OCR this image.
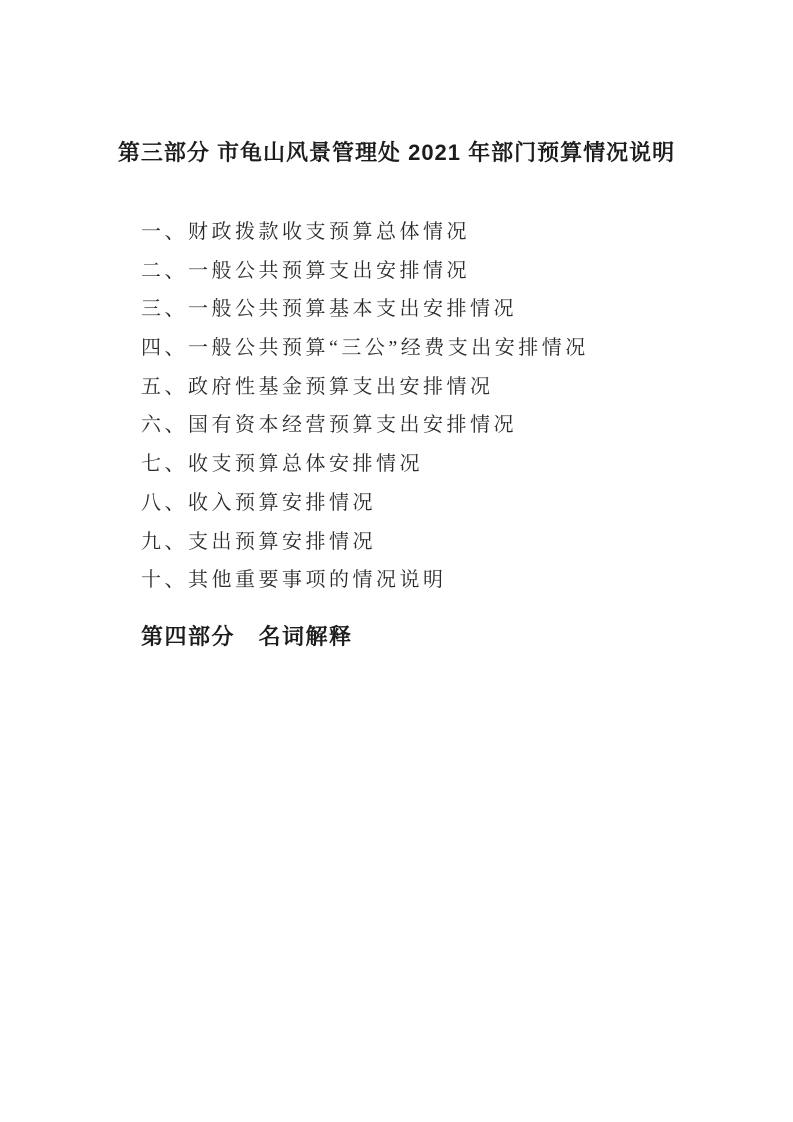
第三部分 市龟山风景管理处 2021 年部门预算情况说明
一、财政拨款收支预算总体情况
二、一般公共预算支出安排情况
三、一般公共预算基本支出安排情况
四、一般公共预算“三公”经费支出安排情况
五、政府性基金预算支出安排情况
六、国有资本经营预算支出安排情况
七、收支预算总体安排情况
八、收入预算安排情况
九、支出预算安排情况
十、其他重要事项的情况说明
第四部分　名词解释
